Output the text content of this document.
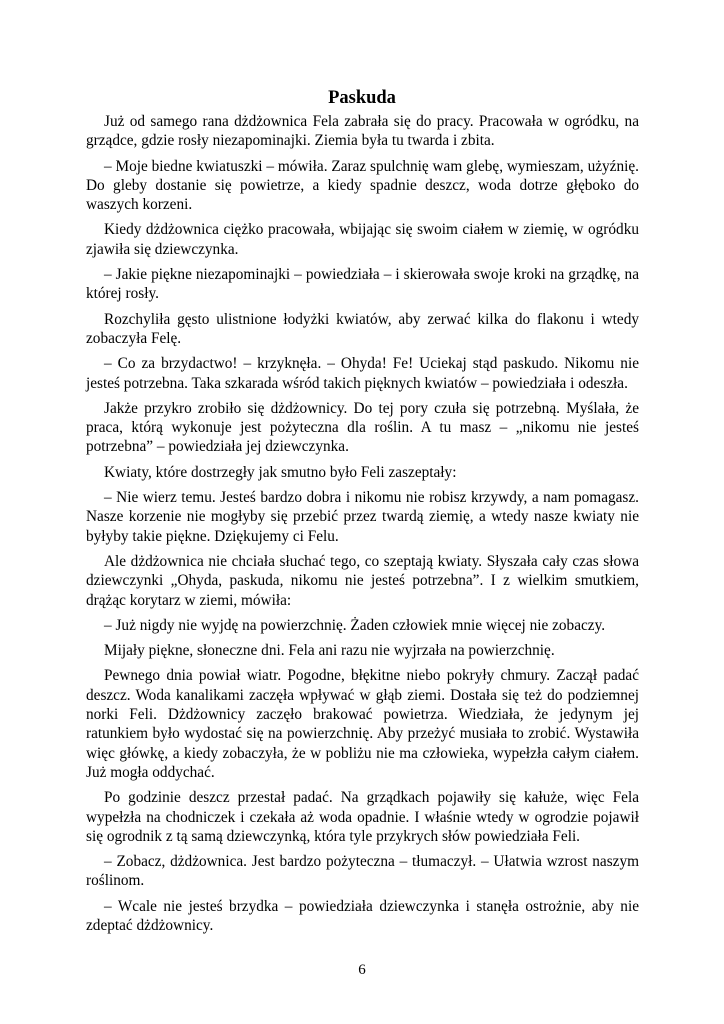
Paskuda

Już od samego rana dżdżownica Fela zabrała się do pracy. Pracowała w ogródku, na grządce, gdzie rosły niezapominajki. Ziemia była tu twarda i zbita.

– Moje biedne kwiatuszki – mówiła. Zaraz spulchnię wam glebę, wymieszam, użyźnię. Do gleby dostanie się powietrze, a kiedy spadnie deszcz, woda dotrze głęboko do waszych korzeni.

Kiedy dżdżownica ciężko pracowała, wbijając się swoim ciałem w ziemię, w ogródku zjawiła się dziewczynka.

– Jakie piękne niezapominajki – powiedziała – i skierowała swoje kroki na grządkę, na której rosły.

Rozchyliła gęsto ulistnione łodyżki kwiatów, aby zerwać kilka do flakonu i wtedy zobaczyła Felę.

– Co za brzydactwo! – krzyknęła. – Ohyda! Fe! Uciekaj stąd paskudo. Nikomu nie jesteś potrzebna. Taka szkarada wśród takich pięknych kwiatów – powiedziała i odeszła.

Jakże przykro zrobiło się dżdżownicy. Do tej pory czuła się potrzebną. Myślała, że praca, którą wykonuje jest pożyteczna dla roślin. A tu masz – „nikomu nie jesteś potrzebna” – powiedziała jej dziewczynka.

Kwiaty, które dostrzegły jak smutno było Feli zaszeptały:

– Nie wierz temu. Jesteś bardzo dobra i nikomu nie robisz krzywdy, a nam pomagasz. Nasze korzenie nie mogłyby się przebić przez twardą ziemię, a wtedy nasze kwiaty nie byłyby takie piękne. Dziękujemy ci Felu.

Ale dżdżownica nie chciała słuchać tego, co szeptają kwiaty. Słyszała cały czas słowa dziewczynki „Ohyda, paskuda, nikomu nie jesteś potrzebna”. I z wielkim smutkiem, drążąc korytarz w ziemi, mówiła:

– Już nigdy nie wyjdę na powierzchnię. Żaden człowiek mnie więcej nie zobaczy.

Mijały piękne, słoneczne dni. Fela ani razu nie wyjrzała na powierzchnię.

Pewnego dnia powiał wiatr. Pogodne, błękitne niebo pokryły chmury. Zaczął padać deszcz. Woda kanalikami zaczęła wpływać w głąb ziemi. Dostała się też do podziemnej norki Feli. Dżdżownicy zaczęło brakować powietrza. Wiedziała, że jedynym jej ratunkiem było wydostać się na powierzchnię. Aby przeżyć musiała to zrobić. Wystawiła więc główkę, a kiedy zobaczyła, że w pobliżu nie ma człowieka, wypełzła całym ciałem. Już mogła oddychać.

Po godzinie deszcz przestał padać. Na grządkach pojawiły się kałuże, więc Fela wypełzła na chodniczek i czekała aż woda opadnie. I właśnie wtedy w ogrodzie pojawił się ogrodnik z tą samą dziewczynką, która tyle przykrych słów powiedziała Feli.

– Zobacz, dżdżownica. Jest bardzo pożyteczna – tłumaczył. – Ułatwia wzrost naszym roślinom.

– Wcale nie jesteś brzydka – powiedziała dziewczynka i stanęła ostrożnie, aby nie zdeptać dżdżownicy.

6
